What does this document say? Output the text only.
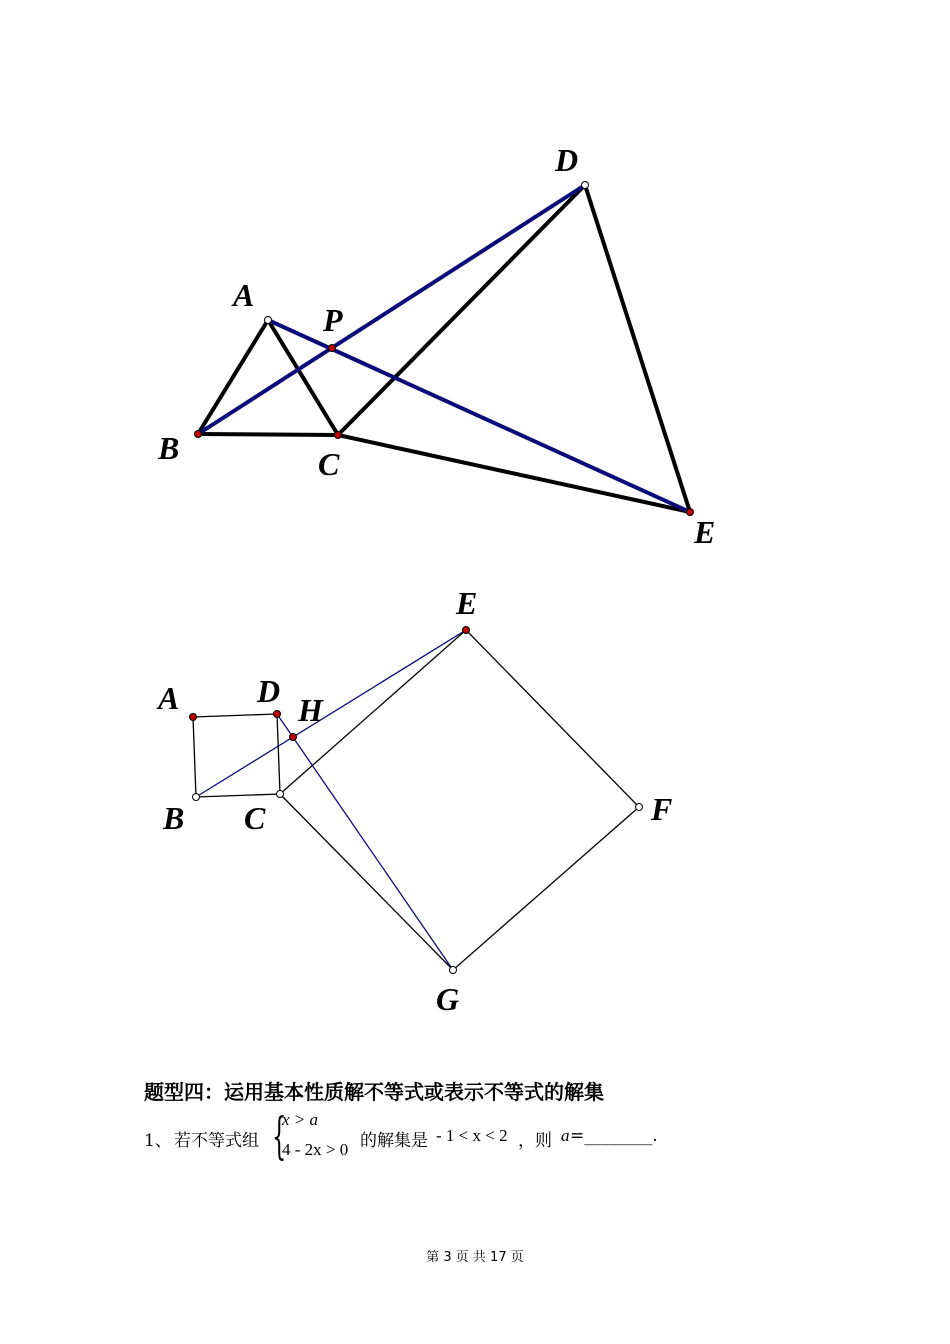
A
P
B	C
D
E
A D
H
E
B C	F
G
题型四：运用基本性质解不等式或表示不等式的解集
1、 若不等式组 {
x > a
4 - 2x > 0 的解集是 - 1 < x < 2 ，则 a =________.
第 3 页 共 17 页
